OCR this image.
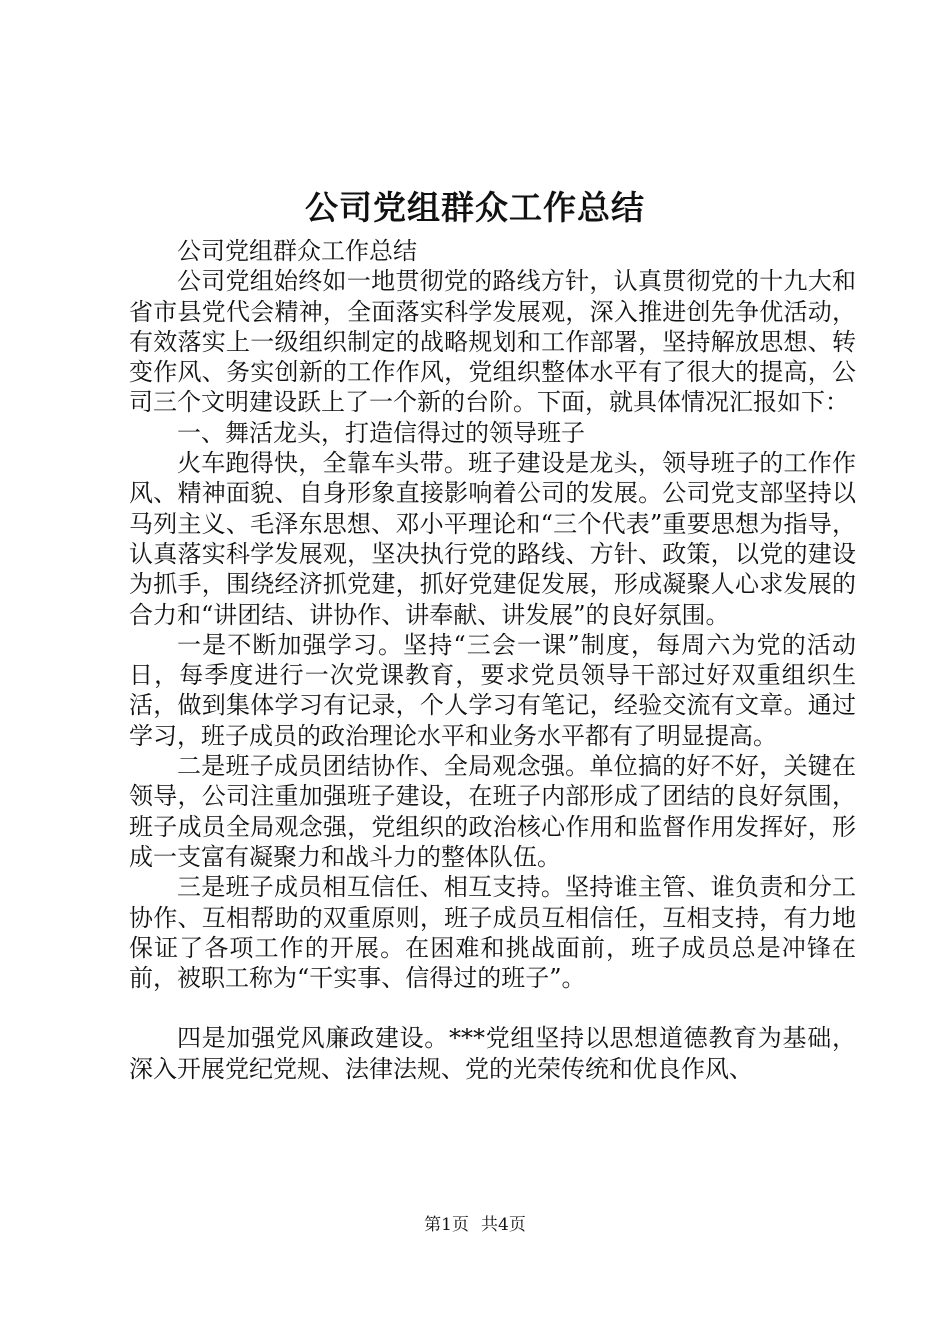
公司党组群众工作总结

公司党组群众工作总结

公司党组始终如一地贯彻党的路线方针，认真贯彻党的十九大和省市县党代会精神，全面落实科学发展观，深入推进创先争优活动，有效落实上一级组织制定的战略规划和工作部署，坚持解放思想、转变作风、务实创新的工作作风，党组织整体水平有了很大的提高，公司三个文明建设跃上了一个新的台阶。下面，就具体情况汇报如下：

一、舞活龙头，打造信得过的领导班子

火车跑得快，全靠车头带。班子建设是龙头，领导班子的工作作风、精神面貌、自身形象直接影响着公司的发展。公司党支部坚持以马列主义、毛泽东思想、邓小平理论和“三个代表”重要思想为指导，认真落实科学发展观，坚决执行党的路线、方针、政策，以党的建设为抓手，围绕经济抓党建，抓好党建促发展，形成凝聚人心求发展的合力和“讲团结、讲协作、讲奉献、讲发展”的良好氛围。

一是不断加强学习。坚持“三会一课”制度，每周六为党的活动日，每季度进行一次党课教育，要求党员领导干部过好双重组织生活，做到集体学习有记录，个人学习有笔记，经验交流有文章。通过学习，班子成员的政治理论水平和业务水平都有了明显提高。

二是班子成员团结协作、全局观念强。单位搞的好不好，关键在领导，公司注重加强班子建设，在班子内部形成了团结的良好氛围，班子成员全局观念强，党组织的政治核心作用和监督作用发挥好，形成一支富有凝聚力和战斗力的整体队伍。

三是班子成员相互信任、相互支持。坚持谁主管、谁负责和分工协作、互相帮助的双重原则，班子成员互相信任，互相支持，有力地保证了各项工作的开展。在困难和挑战面前，班子成员总是冲锋在前，被职工称为“干实事、信得过的班子”。

四是加强党风廉政建设。***党组坚持以思想道德教育为基础，深入开展党纪党规、法律法规、党的光荣传统和优良作风、

第1页 共4页
